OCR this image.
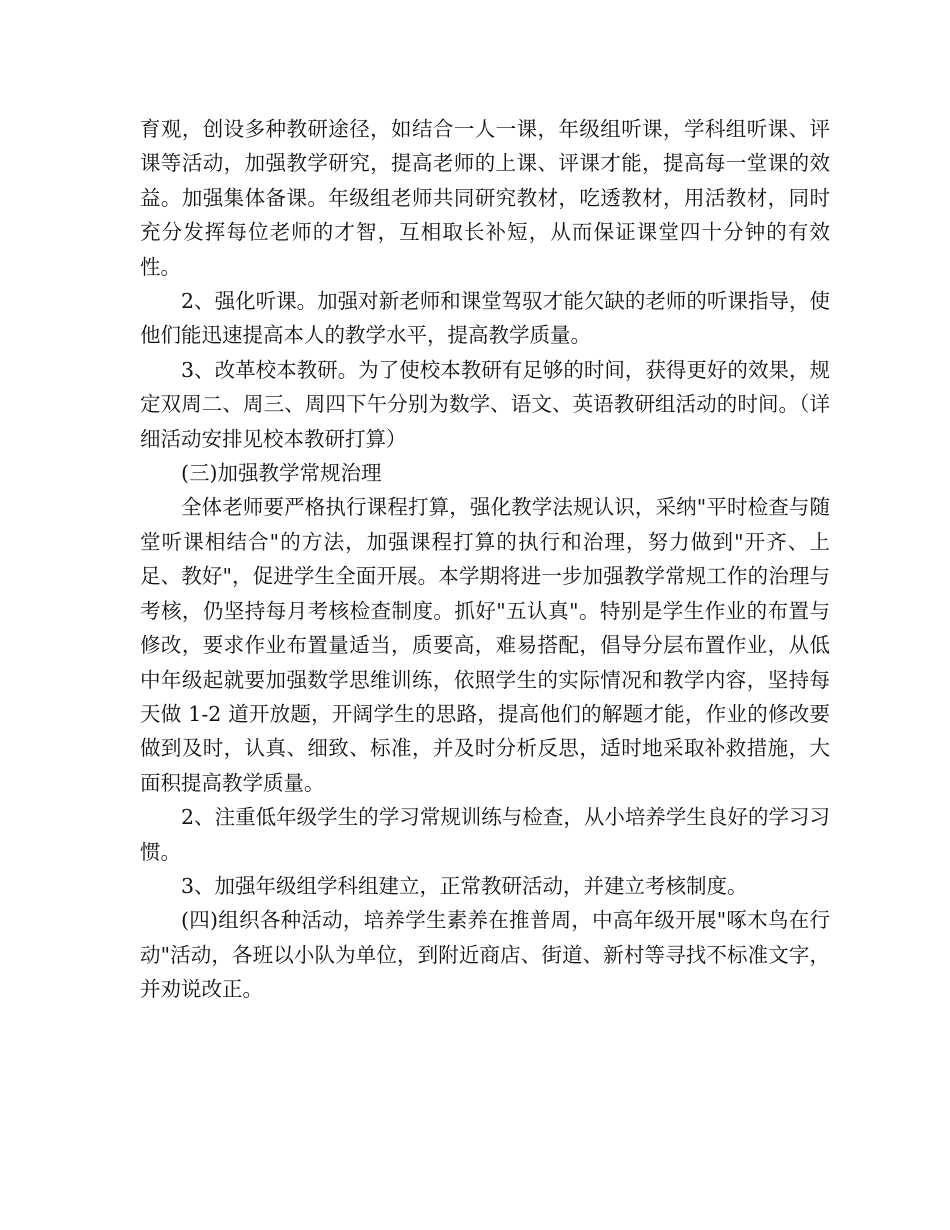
育观，创设多种教研途径，如结合一人一课，年级组听课，学科组听课、评课等活动，加强教学研究，提高老师的上课、评课才能，提高每一堂课的效益。加强集体备课。年级组老师共同研究教材，吃透教材，用活教材，同时充分发挥每位老师的才智，互相取长补短，从而保证课堂四十分钟的有效性。

2、强化听课。加强对新老师和课堂驾驭才能欠缺的老师的听课指导，使他们能迅速提高本人的教学水平，提高教学质量。

3、改革校本教研。为了使校本教研有足够的时间，获得更好的效果，规定双周二、周三、周四下午分别为数学、语文、英语教研组活动的时间。（详细活动安排见校本教研打算）

(三)加强教学常规治理

全体老师要严格执行课程打算，强化教学法规认识，采纳"平时检查与随堂听课相结合"的方法，加强课程打算的执行和治理，努力做到"开齐、上足、教好"，促进学生全面开展。本学期将进一步加强教学常规工作的治理与考核，仍坚持每月考核检查制度。抓好"五认真"。特别是学生作业的布置与修改，要求作业布置量适当，质要高，难易搭配，倡导分层布置作业，从低中年级起就要加强数学思维训练，依照学生的实际情况和教学内容，坚持每天做 1-2 道开放题，开阔学生的思路，提高他们的解题才能，作业的修改要做到及时，认真、细致、标准，并及时分析反思，适时地采取补救措施，大面积提高教学质量。

2、注重低年级学生的学习常规训练与检查，从小培养学生良好的学习习惯。

3、加强年级组学科组建立，正常教研活动，并建立考核制度。

(四)组织各种活动，培养学生素养在推普周，中高年级开展"啄木鸟在行动"活动，各班以小队为单位，到附近商店、街道、新村等寻找不标准文字，并劝说改正。
